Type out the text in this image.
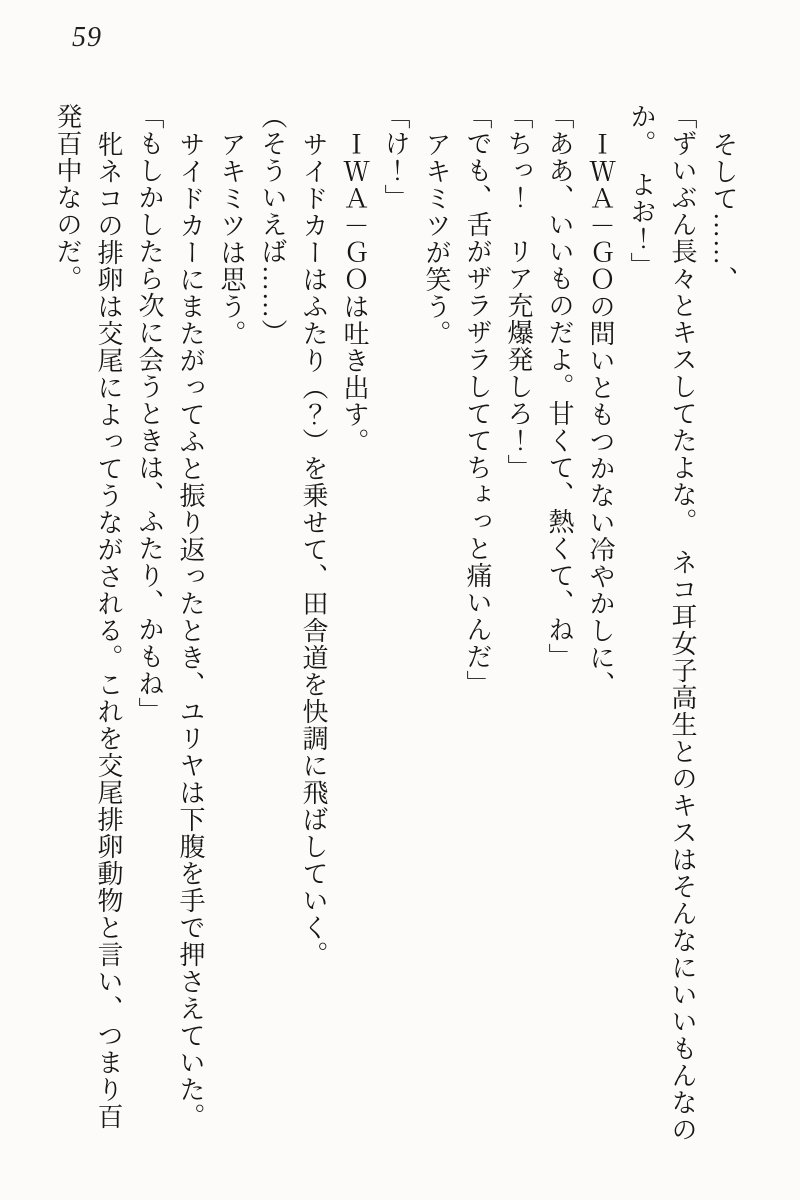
59
そして……、
「ずいぶん長々とキスしてたよな。　ネコ耳女子高生とのキスはそんなにいいもんなの
か。　よお！」
ＩＷＡ－ＧＯの問いともつかない冷やかしに、
「ああ、いいものだよ。甘くて、熱くて、ね」
「ちっ！　リア充爆発しろ！」
「でも、舌がザラザラしててちょっと痛いんだ」
アキミツが笑う。
「け！」
ＩＷＡ－ＧＯは吐き出す。
サイドカーはふたり（？）を乗せて、田舎道を快調に飛ばしていく。
（そういえば……）
アキミツは思う。
サイドカーにまたがってふと振り返ったとき、ユリヤは下腹を手で押さえていた。
「もしかしたら次に会うときは、ふたり、かもね」
牝ネコの排卵は交尾によってうながされる。これを交尾排卵動物と言い、つまり百
発百中なのだ。
